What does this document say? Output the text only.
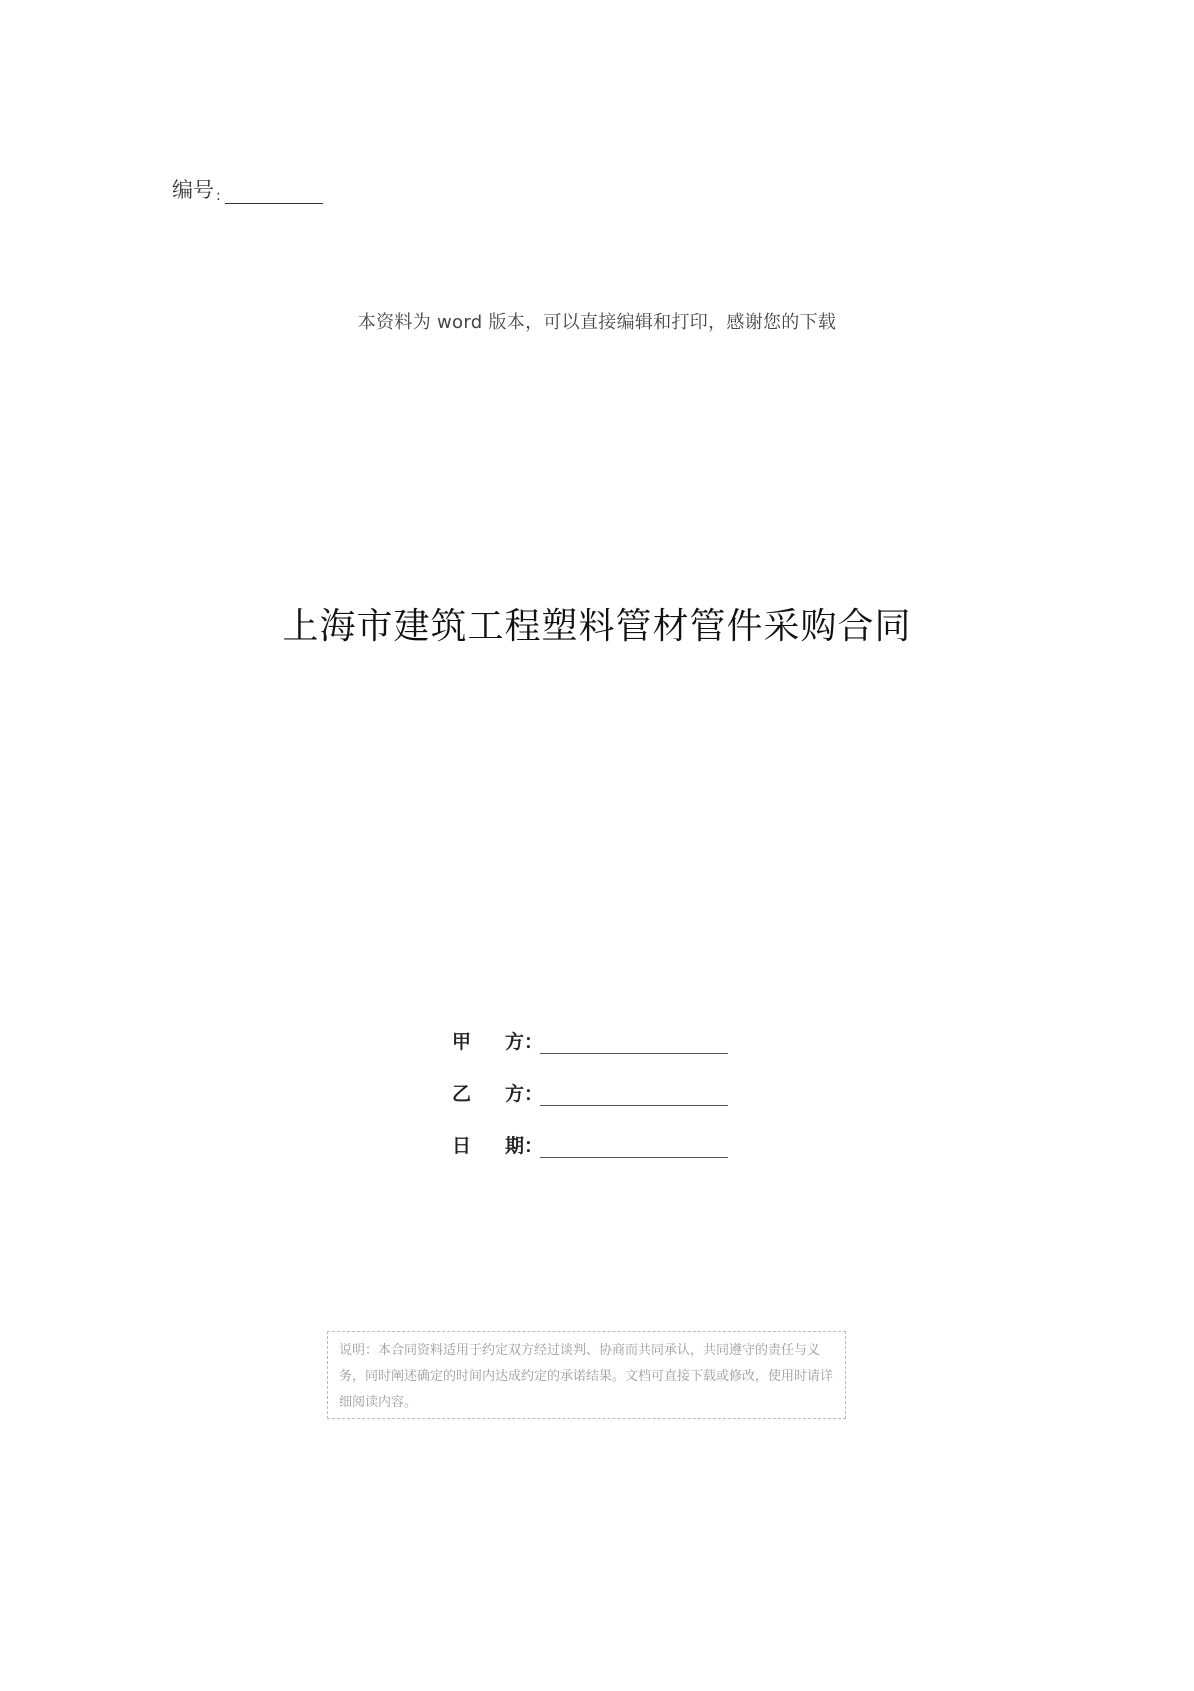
编号 :
本资料为 word 版本，可以直接编辑和打印，感谢您的下载
上海市建筑工程塑料管材管件采购合同
甲 方 ：
乙 方 ：
日 期 ：
说明：本合同资料适用于约定双方经过谈判、协商而共同承认，共同遵守的责任与义务，同时阐述确定的时间内达成约定的承诺结果。文档可直接下载或修改，使用时请详细阅读内容。
